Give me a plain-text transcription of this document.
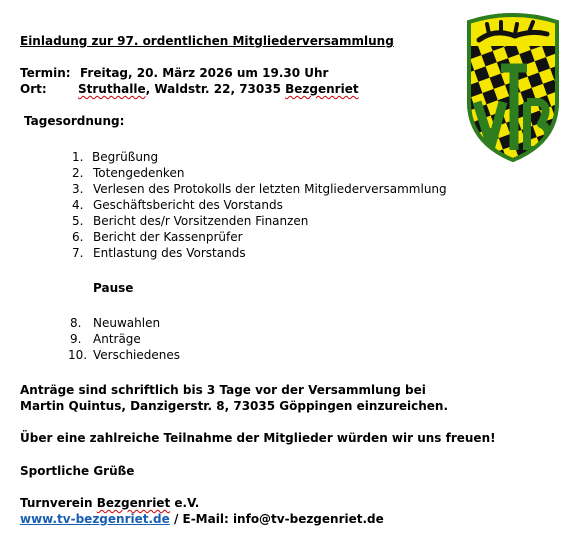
Einladung zur 97. ordentlichen Mitgliederversammlung
Termin: Freitag, 20. März 2026 um 19.30 Uhr
Ort:	Struthalle, Waldstr. 22, 73035 Bezgenriet
Tagesordnung:
1. Begrüßung
2. Totengedenken
3. Verlesen des Protokolls der letzten Mitgliederversammlung
4. Geschäftsbericht des Vorstands
5. Bericht des/r Vorsitzenden Finanzen
6. Bericht der Kassenprüfer
7. Entlastung des Vorstands
Pause
8. Neuwahlen
9. Anträge
10. Verschiedenes
Anträge sind schriftlich bis 3 Tage vor der Versammlung bei
Martin Quintus, Danzigerstr. 8, 73035 Göppingen einzureichen.
Über eine zahlreiche Teilnahme der Mitglieder würden wir uns freuen!
Sportliche Grüße
Turnverein Bezgenriet e.V.
www.tv-bezgenriet.de / E-Mail: info@tv-bezgenriet.de
